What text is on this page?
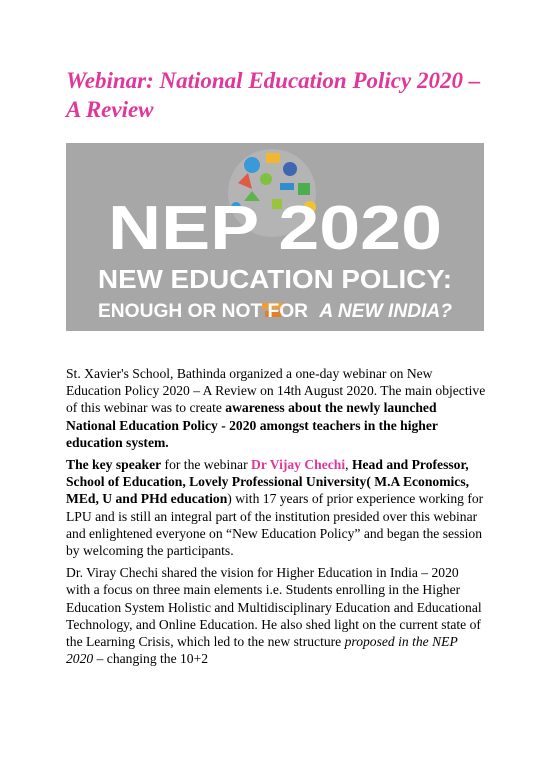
Webinar: National Education Policy 2020 – A Review
NEP 2020
NEW EDUCATION POLICY:
ENOUGH OR NOT FOR A NEW INDIA?

St. Xavier's School, Bathinda organized a one-day webinar on New Education Policy 2020 – A Review on 14th August 2020. The main objective of this webinar was to create awareness about the newly launched National Education Policy - 2020 amongst teachers in the higher education system.

The key speaker for the webinar Dr Vijay Chechi, Head and Professor, School of Education, Lovely Professional University( M.A Economics, MEd, U and PHd education) with 17 years of prior experience working for LPU and is still an integral part of the institution presided over this webinar and enlightened everyone on “New Education Policy” and began the session by welcoming the participants.

Dr. Viray Chechi shared the vision for Higher Education in India – 2020 with a focus on three main elements i.e. Students enrolling in the Higher Education System Holistic and Multidisciplinary Education and Educational Technology, and Online Education. He also shed light on the current state of the Learning Crisis, which led to the new structure proposed in the NEP 2020 – changing the 10+2
